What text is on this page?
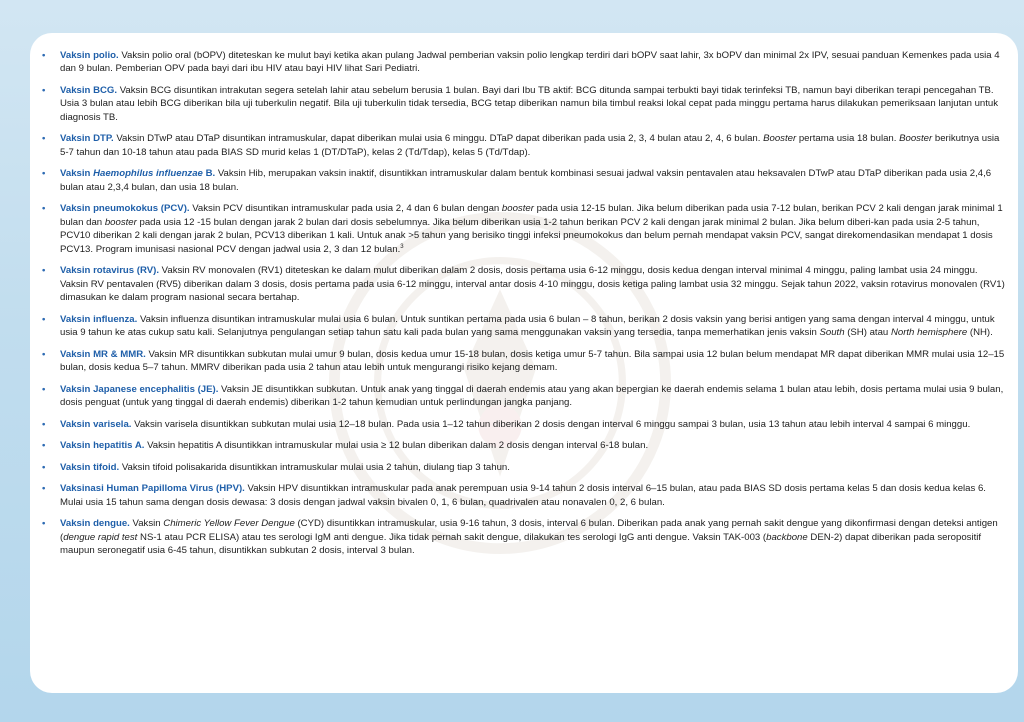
• Vaksin polio. Vaksin polio oral (bOPV) diteteskan ke mulut bayi ketika akan pulang Jadwal pemberian vaksin polio lengkap terdiri dari bOPV saat lahir, 3x bOPV dan minimal 2x IPV, sesuai panduan Kemenkes pada usia 4 dan 9 bulan. Pemberian OPV pada bayi dari ibu HIV atau bayi HIV lihat Sari Pediatri.
• Vaksin BCG. Vaksin BCG disuntikan intrakutan segera setelah lahir atau sebelum berusia 1 bulan. Bayi dari Ibu TB aktif: BCG ditunda sampai terbukti bayi tidak terinfeksi TB, namun bayi diberikan terapi pencegahan TB. Usia 3 bulan atau lebih BCG diberikan bila uji tuberkulin negatif. Bila uji tuberkulin tidak tersedia, BCG tetap diberikan namun bila timbul reaksi lokal cepat pada minggu pertama harus dilakukan pemeriksaan lanjutan untuk diagnosis TB.
• Vaksin DTP. Vaksin DTwP atau DTaP disuntikan intramuskular, dapat diberikan mulai usia 6 minggu. DTaP dapat diberikan pada usia 2, 3, 4 bulan atau 2, 4, 6 bulan. Booster pertama usia 18 bulan. Booster berikutnya usia 5-7 tahun dan 10-18 tahun atau pada BIAS SD murid kelas 1 (DT/DTaP), kelas 2 (Td/Tdap), kelas 5 (Td/Tdap).
• Vaksin Haemophilus influenzae B. Vaksin Hib, merupakan vaksin inaktif, disuntikkan intramuskular dalam bentuk kombinasi sesuai jadwal vaksin pentavalen atau heksavalen DTwP atau DTaP diberikan pada usia 2,4,6 bulan atau 2,3,4 bulan, dan usia 18 bulan.
• Vaksin pneumokokus (PCV). Vaksin PCV disuntikan intramuskular pada usia 2, 4 dan 6 bulan dengan booster pada usia 12-15 bulan. Jika belum diberikan pada usia 7-12 bulan, berikan PCV 2 kali dengan jarak minimal 1 bulan dan booster pada usia 12 -15 bulan dengan jarak 2 bulan dari dosis sebelumnya. Jika belum diberikan usia 1-2 tahun berikan PCV 2 kali dengan jarak minimal 2 bulan. Jika belum diberi-kan pada usia 2-5 tahun, PCV10 diberikan 2 kali dengan jarak 2 bulan, PCV13 diberikan 1 kali. Untuk anak >5 tahun yang berisiko tinggi infeksi pneumokokus dan belum pernah mendapat vaksin PCV, sangat direkomendasikan mendapat 1 dosis PCV13. Program imunisasi nasional PCV dengan jadwal usia 2, 3 dan 12 bulan.$^3$
• Vaksin rotavirus (RV). Vaksin RV monovalen (RV1) diteteskan ke dalam mulut diberikan dalam 2 dosis, dosis pertama usia 6-12 minggu, dosis kedua dengan interval minimal 4 minggu, paling lambat usia 24 minggu. Vaksin RV pentavalen (RV5) diberikan dalam 3 dosis, dosis pertama pada usia 6-12 minggu, interval antar dosis 4-10 minggu, dosis ketiga paling lambat usia 32 minggu. Sejak tahun 2022, vaksin rotavirus monovalen (RV1) dimasukan ke dalam program nasional secara bertahap.
• Vaksin influenza. Vaksin influenza disuntikan intramuskular mulai usia 6 bulan. Untuk suntikan pertama pada usia 6 bulan – 8 tahun, berikan 2 dosis vaksin yang berisi antigen yang sama dengan interval 4 minggu, untuk usia 9 tahun ke atas cukup satu kali. Selanjutnya pengulangan setiap tahun satu kali pada bulan yang sama menggunakan vaksin yang tersedia, tanpa memerhatikan jenis vaksin South (SH) atau North hemisphere (NH).
• Vaksin MR & MMR. Vaksin MR disuntikkan subkutan mulai umur 9 bulan, dosis kedua umur 15-18 bulan, dosis ketiga umur 5-7 tahun. Bila sampai usia 12 bulan belum mendapat MR dapat diberikan MMR mulai usia 12–15 bulan, dosis kedua 5–7 tahun. MMRV diberikan pada usia 2 tahun atau lebih untuk mengurangi risiko kejang demam.
• Vaksin Japanese encephalitis (JE). Vaksin JE disuntikkan subkutan. Untuk anak yang tinggal di daerah endemis atau yang akan bepergian ke daerah endemis selama 1 bulan atau lebih, dosis pertama mulai usia 9 bulan, dosis penguat (untuk yang tinggal di daerah endemis) diberikan 1-2 tahun kemudian untuk perlindungan jangka panjang.
• Vaksin varisela. Vaksin varisela disuntikkan subkutan mulai usia 12–18 bulan. Pada usia 1–12 tahun diberikan 2 dosis dengan interval 6 minggu sampai 3 bulan, usia 13 tahun atau lebih interval 4 sampai 6 minggu.
• Vaksin hepatitis A. Vaksin hepatitis A disuntikkan intramuskular mulai usia ≥ 12 bulan diberikan dalam 2 dosis dengan interval 6-18 bulan.
• Vaksin tifoid. Vaksin tifoid polisakarida disuntikkan intramuskular mulai usia 2 tahun, diulang tiap 3 tahun.
• Vaksinasi Human Papilloma Virus (HPV). Vaksin HPV disuntikkan intramuskular pada anak perempuan usia 9-14 tahun 2 dosis interval 6–15 bulan, atau pada BIAS SD dosis pertama kelas 5 dan dosis kedua kelas 6. Mulai usia 15 tahun sama dengan dosis dewasa: 3 dosis dengan jadwal vaksin bivalen 0, 1, 6 bulan, quadrivalen atau nonavalen 0, 2, 6 bulan.
• Vaksin dengue. Vaksin Chimeric Yellow Fever Dengue (CYD) disuntikkan intramuskular, usia 9-16 tahun, 3 dosis, interval 6 bulan. Diberikan pada anak yang pernah sakit dengue yang dikonfirmasi dengan deteksi antigen (dengue rapid test NS-1 atau PCR ELISA) atau tes serologi IgM anti dengue. Jika tidak pernah sakit dengue, dilakukan tes serologi IgG anti dengue. Vaksin TAK-003 (backbone DEN-2) dapat diberikan pada seropositif maupun seronegatif usia 6-45 tahun, disuntikkan subkutan 2 dosis, interval 3 bulan.
